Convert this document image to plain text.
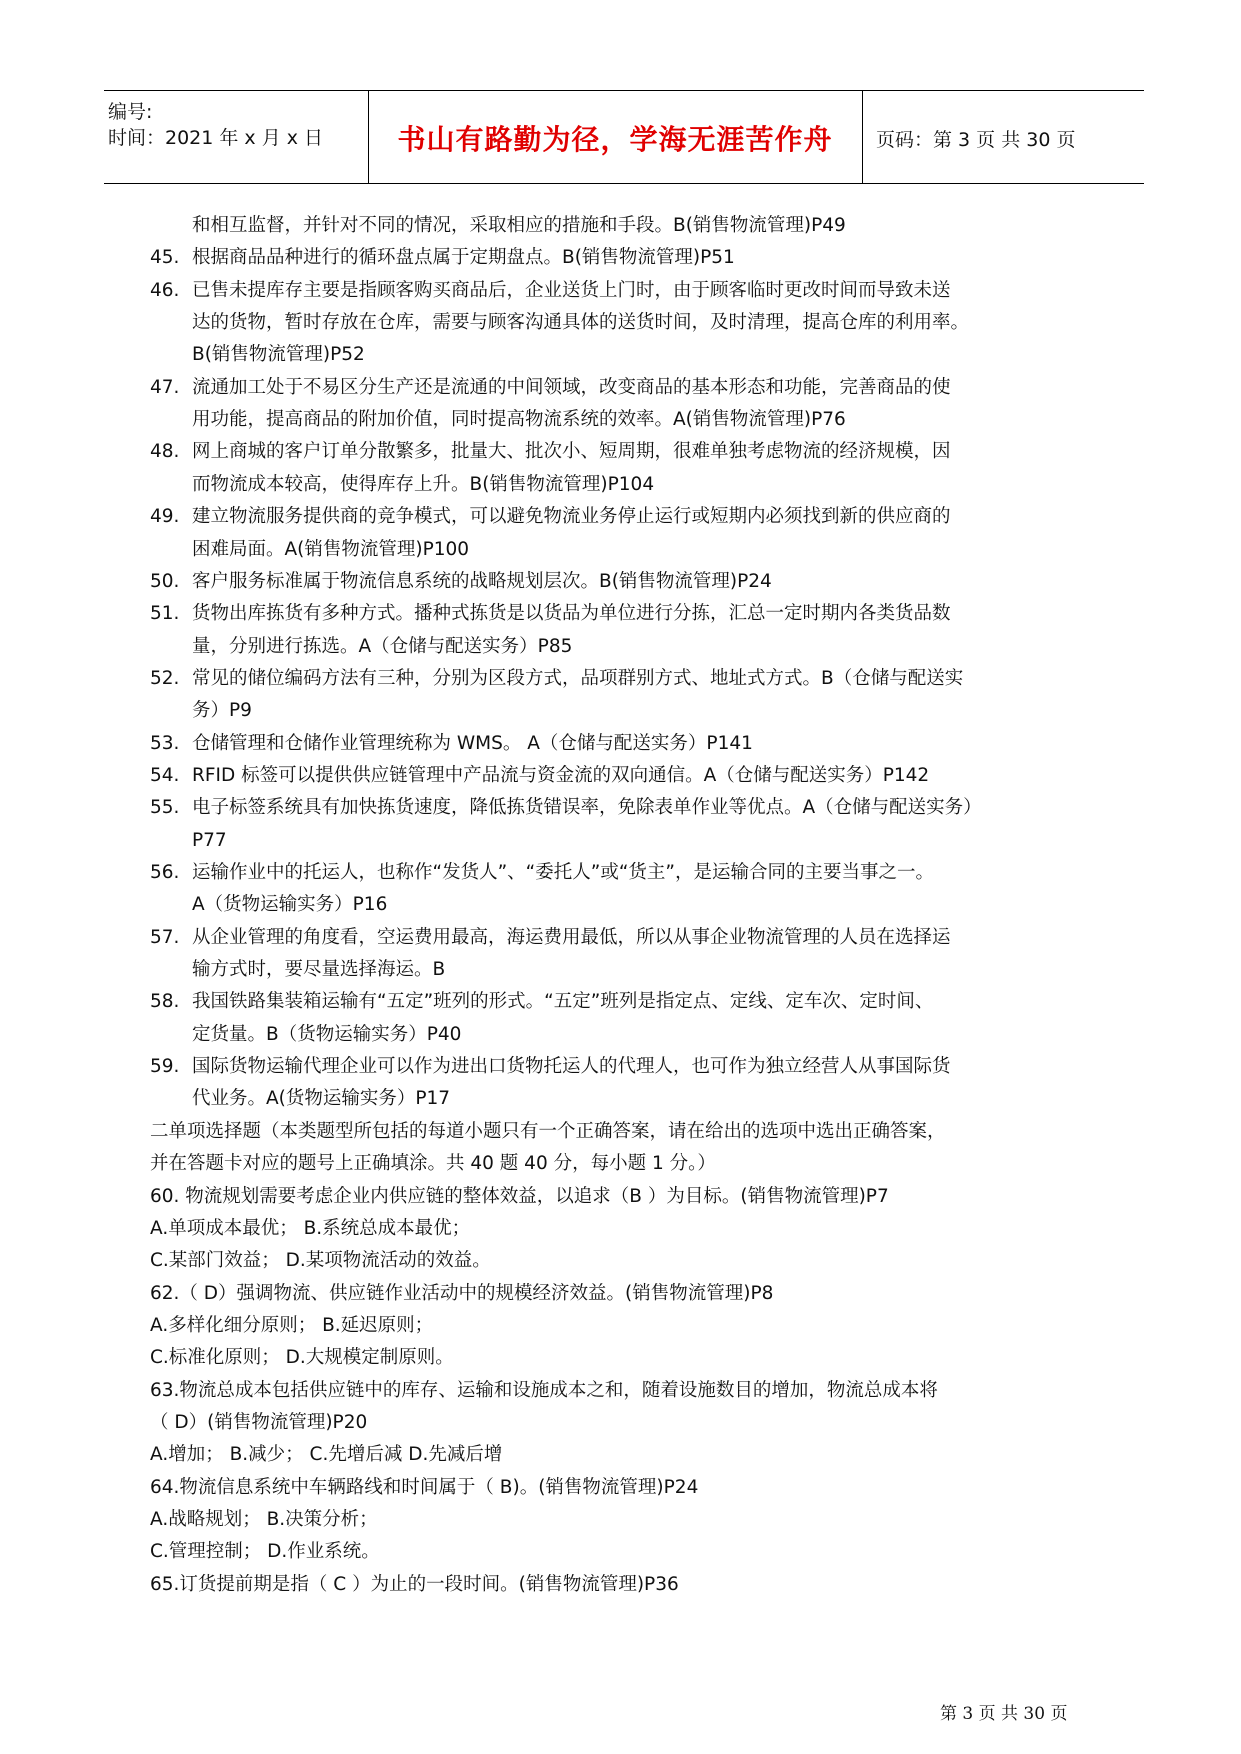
编号:
时间：2021 年 x 月 x 日	书山有路勤为径，学海无涯苦作舟	页码：第 3 页 共 30 页
和相互监督，并针对不同的情况，采取相应的措施和手段。B(销售物流管理)P49
45. 根据商品品种进行的循环盘点属于定期盘点。B(销售物流管理)P51
46. 已售未提库存主要是指顾客购买商品后，企业送货上门时，由于顾客临时更改时间而导致未送
达的货物，暂时存放在仓库，需要与顾客沟通具体的送货时间，及时清理，提高仓库的利用率。
B(销售物流管理)P52
47. 流通加工处于不易区分生产还是流通的中间领域，改变商品的基本形态和功能，完善商品的使
用功能，提高商品的附加价值，同时提高物流系统的效率。A(销售物流管理)P76
48. 网上商城的客户订单分散繁多，批量大、批次小、短周期，很难单独考虑物流的经济规模，因
而物流成本较高，使得库存上升。B(销售物流管理)P104
49. 建立物流服务提供商的竞争模式，可以避免物流业务停止运行或短期内必须找到新的供应商的
困难局面。A(销售物流管理)P100
50. 客户服务标准属于物流信息系统的战略规划层次。B(销售物流管理)P24
51. 货物出库拣货有多种方式。播种式拣货是以货品为单位进行分拣，汇总一定时期内各类货品数
量，分别进行拣选。A（仓储与配送实务）P85
52. 常见的储位编码方法有三种，分别为区段方式，品项群别方式、地址式方式。B（仓储与配送实
务）P9
53. 仓储管理和仓储作业管理统称为 WMS。 A（仓储与配送实务）P141
54. RFID 标签可以提供供应链管理中产品流与资金流的双向通信。A（仓储与配送实务）P142
55. 电子标签系统具有加快拣货速度，降低拣货错误率，免除表单作业等优点。A（仓储与配送实务）
P77
56. 运输作业中的托运人，也称作“发货人”、“委托人”或“货主”，是运输合同的主要当事之一。
A（货物运输实务）P16
57. 从企业管理的角度看，空运费用最高，海运费用最低，所以从事企业物流管理的人员在选择运
输方式时，要尽量选择海运。B
58. 我国铁路集装箱运输有“五定”班列的形式。“五定”班列是指定点、定线、定车次、定时间、
定货量。B（货物运输实务）P40
59. 国际货物运输代理企业可以作为进出口货物托运人的代理人，也可作为独立经营人从事国际货
代业务。A(货物运输实务）P17
二单项选择题（本类题型所包括的每道小题只有一个正确答案，请在给出的选项中选出正确答案，
并在答题卡对应的题号上正确填涂。共 40 题 40 分，每小题 1 分。）
60. 物流规划需要考虑企业内供应链的整体效益，以追求（B ）为目标。(销售物流管理)P7
A.单项成本最优； B.系统总成本最优；
C.某部门效益； D.某项物流活动的效益。
62.（ D）强调物流、供应链作业活动中的规模经济效益。(销售物流管理)P8
A.多样化细分原则； B.延迟原则；
C.标准化原则； D.大规模定制原则。
63.物流总成本包括供应链中的库存、运输和设施成本之和，随着设施数目的增加，物流总成本将
（ D）(销售物流管理)P20
A.增加； B.减少； C.先增后减 D.先减后增
64.物流信息系统中车辆路线和时间属于（ B)。(销售物流管理)P24
A.战略规划； B.决策分析；
C.管理控制； D.作业系统。
65.订货提前期是指（ C ）为止的一段时间。(销售物流管理)P36
第 3 页 共 30 页
